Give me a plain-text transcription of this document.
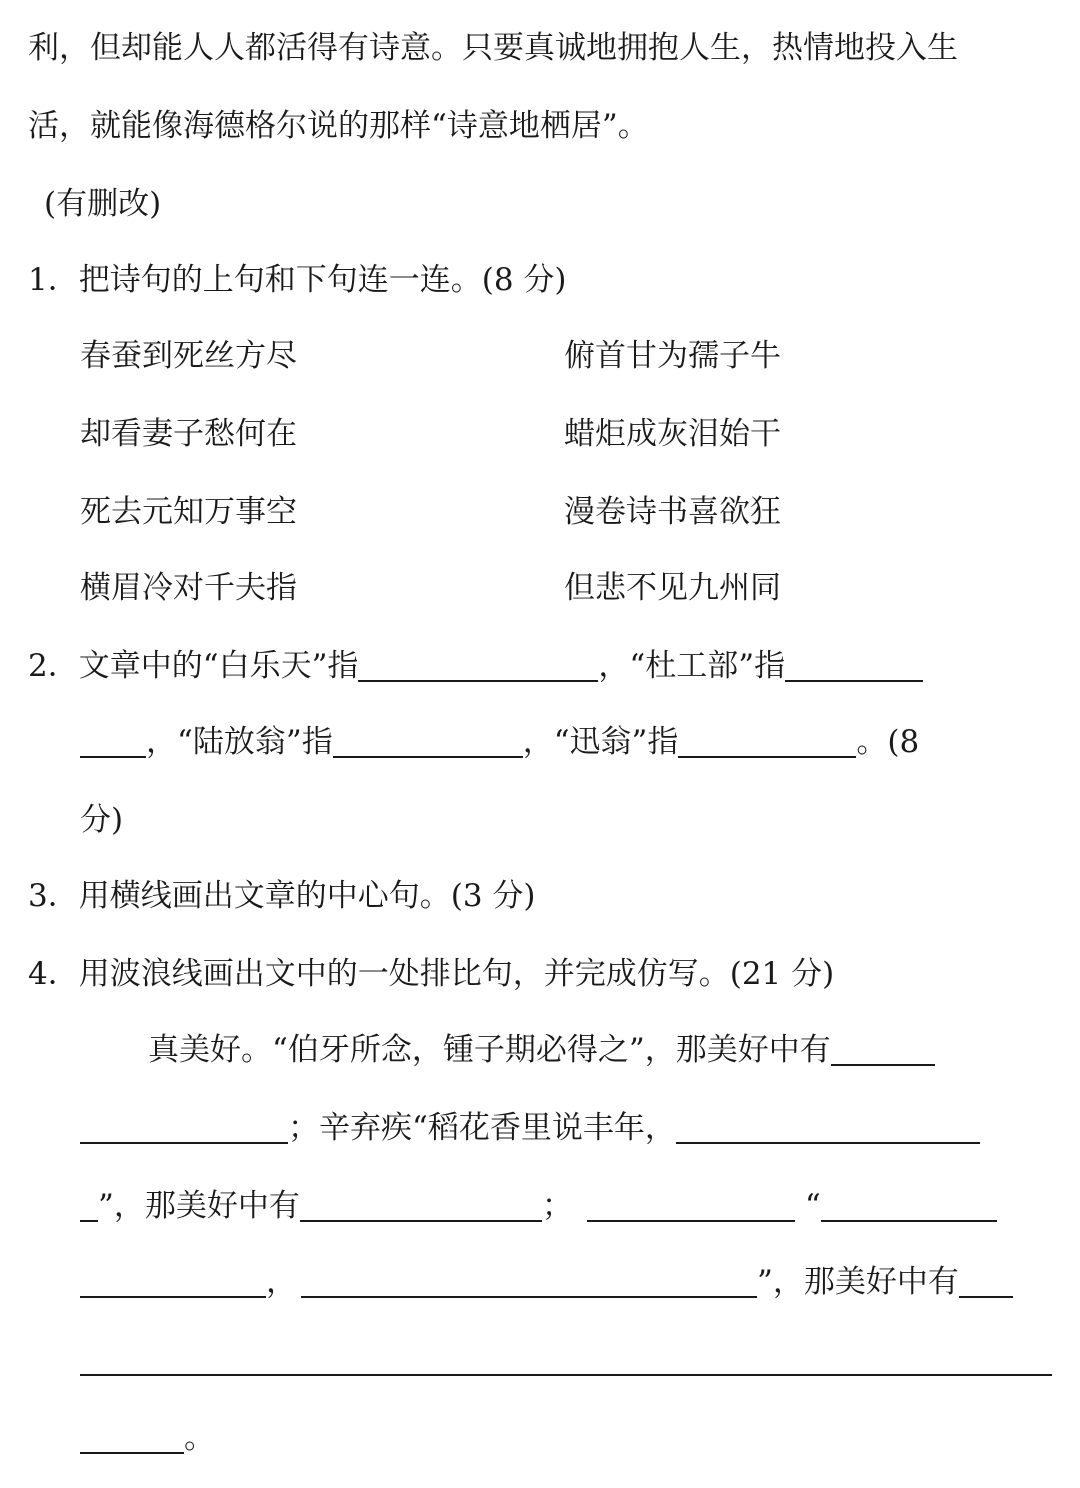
利，但却能人人都活得有诗意。只要真诚地拥抱人生，热情地投入生
活，就能像海德格尔说的那样“诗意地栖居”。
(有删改)
1．把诗句的上句和下句连一连。(8 分)
春蚕到死丝方尽	俯首甘为孺子牛
却看妻子愁何在	蜡炬成灰泪始干
死去元知万事空	漫卷诗书喜欲狂
横眉冷对千夫指	但悲不见九州同
2．文章中的“白乐天”指	，“杜工部”指
，“陆放翁”指	，“迅翁”指	。(8
分)
3．用横线画出文章的中心句。(3 分)
4．用波浪线画出文中的一处排比句，并完成仿写。(21 分)
真美好。“伯牙所念，锺子期必得之”，那美好中有
；辛弃疾“稻花香里说丰年，
”，那美好中有	；	“
，	”，那美好中有
。
